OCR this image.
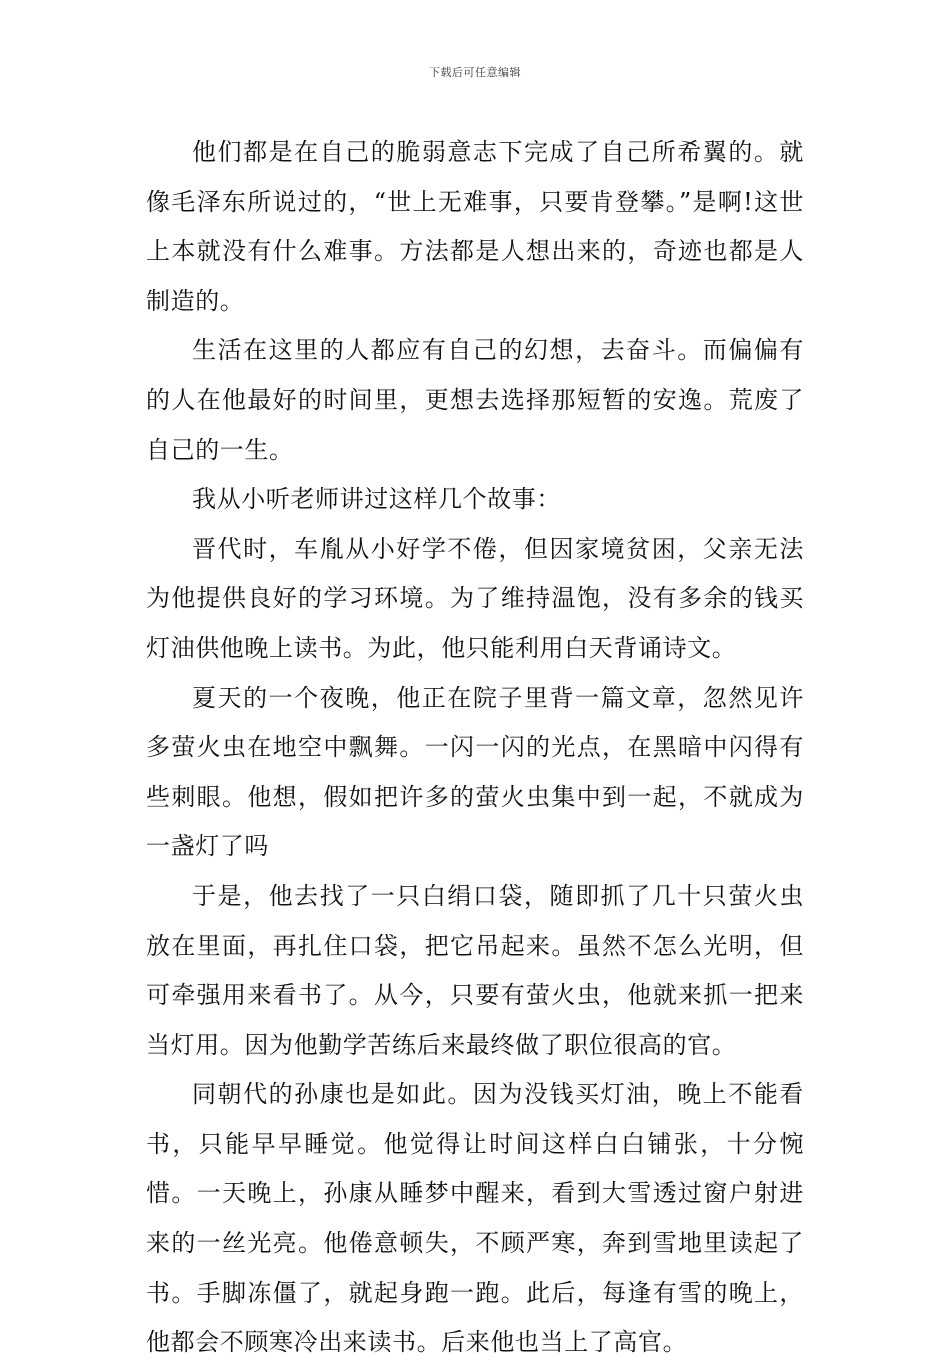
下载后可任意编辑

他们都是在自己的脆弱意志下完成了自己所希翼的。就像毛泽东所说过的，“世上无难事，只要肯登攀。”是啊!这世上本就没有什么难事。方法都是人想出来的，奇迹也都是人制造的。

生活在这里的人都应有自己的幻想，去奋斗。而偏偏有的人在他最好的时间里，更想去选择那短暂的安逸。荒废了自己的一生。

我从小听老师讲过这样几个故事：

晋代时，车胤从小好学不倦，但因家境贫困，父亲无法为他提供良好的学习环境。为了维持温饱，没有多余的钱买灯油供他晚上读书。为此，他只能利用白天背诵诗文。

夏天的一个夜晚，他正在院子里背一篇文章，忽然见许多萤火虫在地空中飘舞。一闪一闪的光点，在黑暗中闪得有些刺眼。他想，假如把许多的萤火虫集中到一起，不就成为一盏灯了吗

于是，他去找了一只白绢口袋，随即抓了几十只萤火虫放在里面，再扎住口袋，把它吊起来。虽然不怎么光明，但可牵强用来看书了。从今，只要有萤火虫，他就来抓一把来当灯用。因为他勤学苦练后来最终做了职位很高的官。

同朝代的孙康也是如此。因为没钱买灯油，晚上不能看书，只能早早睡觉。他觉得让时间这样白白铺张，十分惋惜。一天晚上，孙康从睡梦中醒来，看到大雪透过窗户射进来的一丝光亮。他倦意顿失，不顾严寒，奔到雪地里读起了书。手脚冻僵了，就起身跑一跑。此后，每逢有雪的晚上，他都会不顾寒冷出来读书。后来他也当上了高官。
